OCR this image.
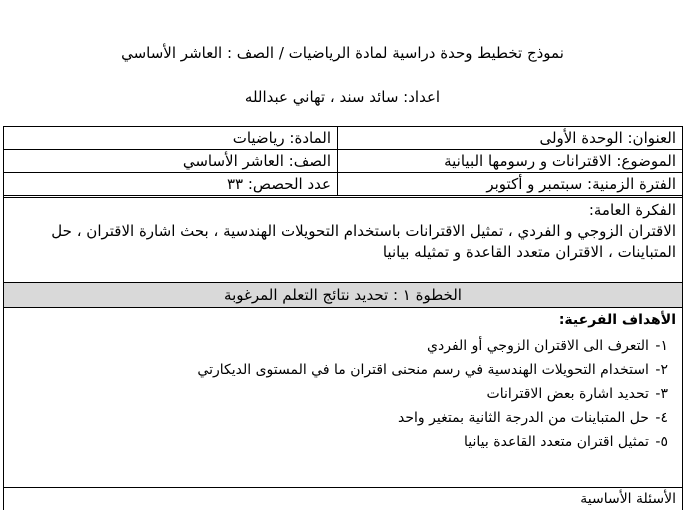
نموذج تخطيط وحدة دراسية لمادة الرياضيات / الصف : العاشر الأساسي
اعداد: سائد سند ، تهاني عبدالله
العنوان: الوحدة الأولى
المادة: رياضيات
الموضوع: الاقترانات و رسومها البيانية
الصف: العاشر الأساسي
الفترة الزمنية: سبتمبر و أكتوبر
عدد الحصص: ٣٣
الفكرة العامة:
الاقتران الزوجي و الفردي ، تمثيل الاقترانات باستخدام التحويلات الهندسية ، بحث اشارة الاقتران ، حل المتباينات ، الاقتران متعدد القاعدة و تمثيله بيانيا
الخطوة ١ : تحديد نتائج التعلم المرغوبة
الأهداف الفرعية:
١- التعرف الى الاقتران الزوجي أو الفردي
٢- استخدام التحويلات الهندسية في رسم منحنى اقتران ما في المستوى الديكارتي
٣- تحديد اشارة بعض الاقترانات
٤- حل المتباينات من الدرجة الثانية بمتغير واحد
٥- تمثيل اقتران متعدد القاعدة بيانيا
الأسئلة الأساسية
